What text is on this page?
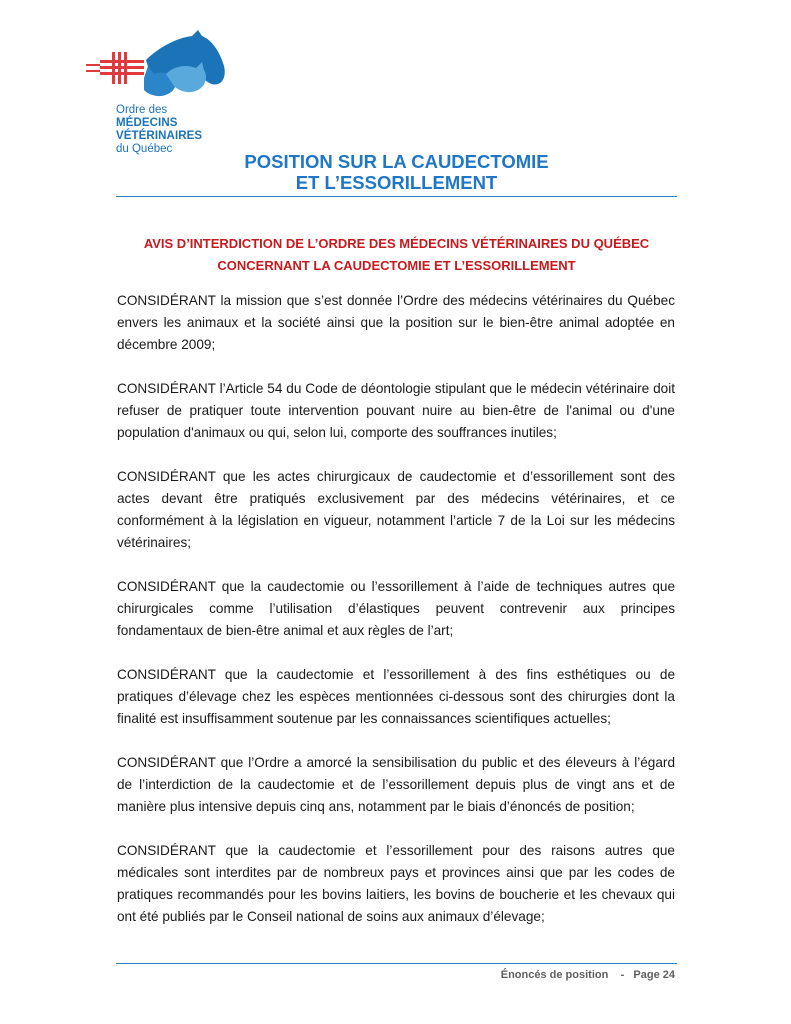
Ordre des
MÉDECINS VÉTÉRINAIRES
du Québec
POSITION SUR LA CAUDECTOMIE
ET L’ESSORILLEMENT
AVIS D’INTERDICTION DE L’ORDRE DES MÉDECINS VÉTÉRINAIRES DU QUÉBEC
CONCERNANT LA CAUDECTOMIE ET L’ESSORILLEMENT

CONSIDÉRANT la mission que s’est donnée l’Ordre des médecins vétérinaires du Québec envers les animaux et la société ainsi que la position sur le bien-être animal adoptée en décembre 2009;

CONSIDÉRANT l’Article 54 du Code de déontologie stipulant que le médecin vétérinaire doit refuser de pratiquer toute intervention pouvant nuire au bien-être de l'animal ou d'une population d'animaux ou qui, selon lui, comporte des souffrances inutiles;

CONSIDÉRANT que les actes chirurgicaux de caudectomie et d’essorillement sont des actes devant être pratiqués exclusivement par des médecins vétérinaires, et ce conformément à la législation en vigueur, notamment l’article 7 de la Loi sur les médecins vétérinaires;

CONSIDÉRANT que la caudectomie ou l’essorillement à l’aide de techniques autres que chirurgicales comme l’utilisation d’élastiques peuvent contrevenir aux principes fondamentaux de bien-être animal et aux règles de l’art;

CONSIDÉRANT que la caudectomie et l’essorillement à des fins esthétiques ou de pratiques d’élevage chez les espèces mentionnées ci-dessous sont des chirurgies dont la finalité est insuffisamment soutenue par les connaissances scientifiques actuelles;

CONSIDÉRANT que l’Ordre a amorcé la sensibilisation du public et des éleveurs à l’égard de l’interdiction de la caudectomie et de l’essorillement depuis plus de vingt ans et de manière plus intensive depuis cinq ans, notamment par le biais d’énoncés de position;

CONSIDÉRANT que la caudectomie et l’essorillement pour des raisons autres que médicales sont interdites par de nombreux pays et provinces ainsi que par les codes de pratiques recommandés pour les bovins laitiers, les bovins de boucherie et les chevaux qui ont été publiés par le Conseil national de soins aux animaux d’élevage;

Énoncés de position - Page 24
